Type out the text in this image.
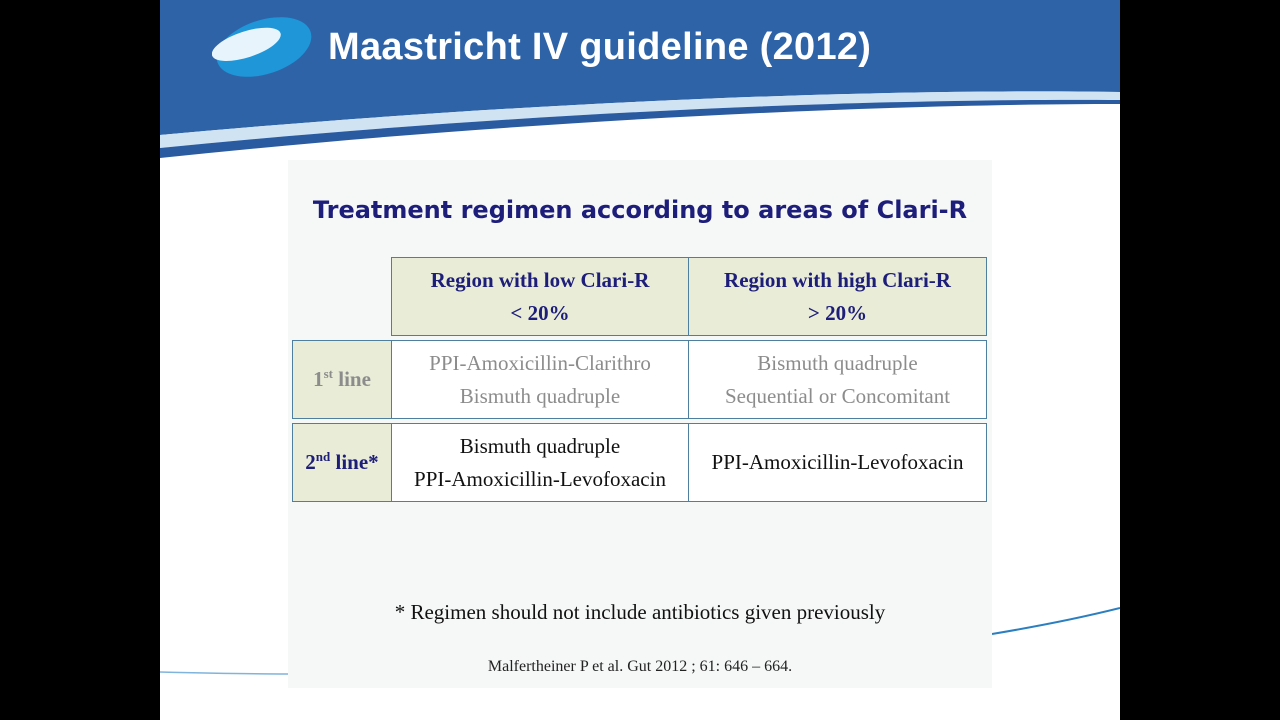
Maastricht IV guideline (2012)
Treatment regimen according to areas of Clari-R
Region with low Clari-R
< 20%
Region with high Clari-R
> 20%
1st line
PPI-Amoxicillin-Clarithro
Bismuth quadruple
Bismuth quadruple
Sequential or Concomitant
2nd line*
Bismuth quadruple
PPI-Amoxicillin-Levofoxacin
PPI-Amoxicillin-Levofoxacin

* Regimen should not include antibiotics given previously

Malfertheiner P et al. Gut 2012 ; 61: 646 – 664.
